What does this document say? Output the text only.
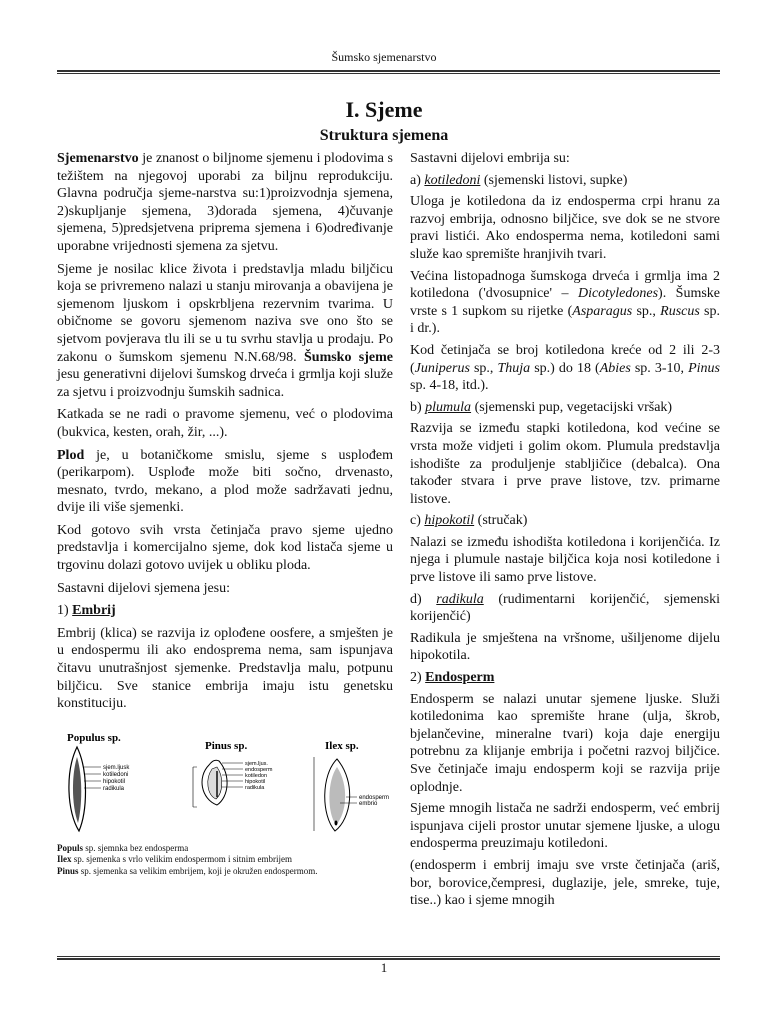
Šumsko sjemenarstvo
I. Sjeme
Struktura sjemena

Sjemenarstvo je znanost o biljnome sjemenu i plodovima s težištem na njegovoj uporabi za biljnu reprodukciju. Glavna područja sjeme-narstva su:1)proizvodnja sjemena, 2)skupljanje sjemena, 3)dorada sjemena, 4)čuvanje sjemena, 5)predsjetvena priprema sjemena i 6)određivanje uporabne vrijednosti sjemena za sjetvu.

Sjeme je nosilac klice života i predstavlja mladu biljčicu koja se privremeno nalazi u stanju mirovanja a obavijena je sjemenom ljuskom i opskrbljena rezervnim tvarima. U običnome se govoru sjemenom naziva sve ono što se sjetvom povjerava tlu ili se u tu svrhu stavlja u prodaju. Po zakonu o šumskom sjemenu N.N.68/98. Šumsko sjeme jesu generativni dijelovi šumskog drveća i grmlja koji služe za sjetvu i proizvodnju šumskih sadnica.

Katkada se ne radi o pravome sjemenu, već o plodovima (bukvica, kesten, orah, žir, ...).

Plod je, u botaničkome smislu, sjeme s usplođem (perikarpom). Usplođe može biti sočno, drvenasto, mesnato, tvrdo, mekano, a plod može sadržavati jednu, dvije ili više sjemenki.

Kod gotovo svih vrsta četinjača pravo sjeme ujedno predstavlja i komercijalno sjeme, dok kod listača sjeme u trgovinu dolazi gotovo uvijek u obliku ploda.

Sastavni dijelovi sjemena jesu:

1) Embrij

Embrij (klica) se razvija iz oplođene oosfere, a smješten je u endospermu ili ako endosprema nema, sam ispunjava čitavu unutrašnjost sjemenke. Predstavlja malu, potpunu biljčicu. Sve stanice embrija imaju istu genetsku konstituciju.

Populus sp.
Pinus sp.	Ilex sp.
sjem.ljusk
kotiledoni
hipokotil
radikula
sjem.ljus.
endosperm
kotiledon
hipokotil
radikula
endosperm
embrio
Populs sp. sjemnka bez endosperma
Ilex sp. sjemenka s vrlo velikim endospermom i sitnim embrijem
Pinus sp. sjemenka sa velikim embrijem, koji je okružen endospermom.

Sastavni dijelovi embrija su:

a) kotiledoni (sjemenski listovi, supke)

Uloga je kotiledona da iz endosperma crpi hranu za razvoj embrija, odnosno biljčice, sve dok se ne stvore pravi listići. Ako endosperma nema, kotiledoni sami služe kao spremište hranjivih tvari.

Većina listopadnoga šumskoga drveća i grmlja ima 2 kotiledona ('dvosupnice' – Dicotyledones). Šumske vrste s 1 supkom su rijetke (Asparagus sp., Ruscus sp. i dr.).

Kod četinjača se broj kotiledona kreće od 2 ili 2-3 (Juniperus sp., Thuja sp.) do 18 (Abies sp. 3-10, Pinus sp. 4-18, itd.).

b) plumula (sjemenski pup, vegetacijski vršak)

Razvija se između stapki kotiledona, kod većine se vrsta može vidjeti i golim okom. Plumula predstavlja ishodište za produljenje stabljičice (debalca). Ona također stvara i prve prave listove, tzv. primarne listove.

c) hipokotil (stručak)

Nalazi se između ishodišta kotiledona i korijenčića. Iz njega i plumule nastaje biljčica koja nosi kotiledone i prve listove ili samo prve listove.

d) radikula (rudimentarni korijenčić, sjemenski korijenčić)

Radikula je smještena na vršnome, ušiljenome dijelu hipokotila.

2) Endosperm

Endosperm se nalazi unutar sjemene ljuske. Služi kotiledonima kao spremište hrane (ulja, škrob, bjelančevine, mineralne tvari) koja daje energiju potrebnu za klijanje embrija i početni razvoj biljčice. Sve četinjače imaju endosperm koji se razvija prije oplodnje.

Sjeme mnogih listača ne sadrži endosperm, već embrij ispunjava cijeli prostor unutar sjemene ljuske, a ulogu endosperma preuzimaju kotiledoni.

(endosperm i embrij imaju sve vrste četinjača (ariš, bor, borovice,čempresi, duglazije, jele, smreke, tuje, tise..) kao i sjeme mnogih

1
